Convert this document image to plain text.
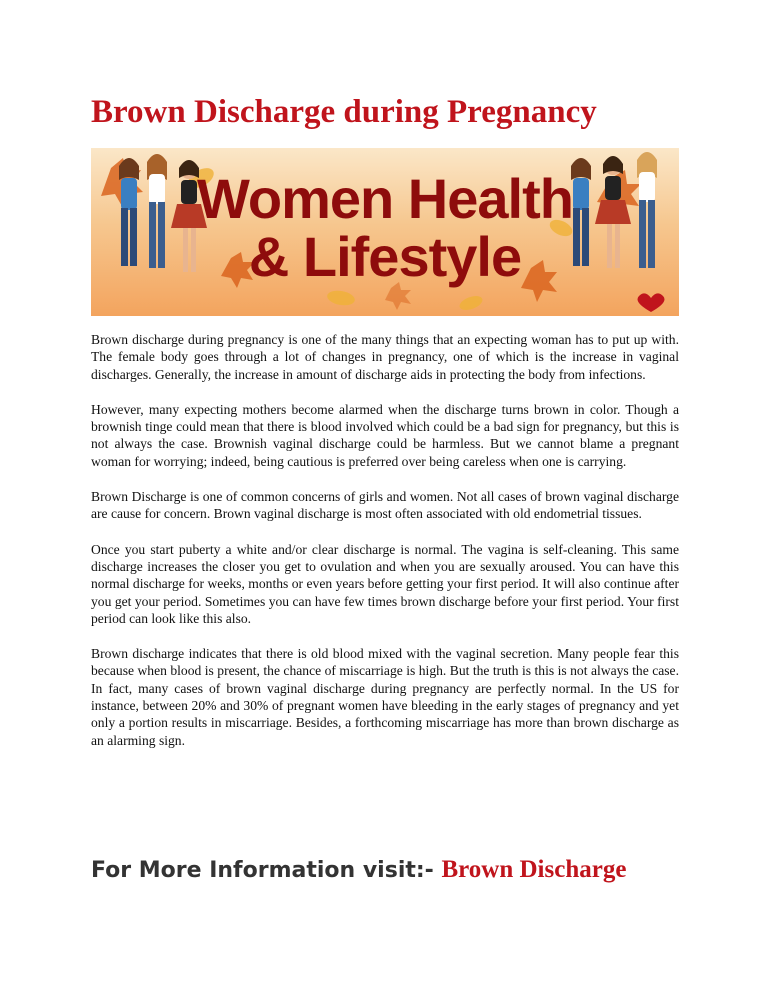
Brown Discharge during Pregnancy
Women Health
& Lifestyle

Brown discharge during pregnancy is one of the many things that an expecting woman has to put up with. The female body goes through a lot of changes in pregnancy, one of which is the increase in vaginal discharges. Generally, the increase in amount of discharge aids in protecting the body from infections.

However, many expecting mothers become alarmed when the discharge turns brown in color. Though a brownish tinge could mean that there is blood involved which could be a bad sign for pregnancy, but this is not always the case. Brownish vaginal discharge could be harmless. But we cannot blame a pregnant woman for worrying; indeed, being cautious is preferred over being careless when one is carrying.

Brown Discharge is one of common concerns of girls and women. Not all cases of brown vaginal discharge are cause for concern. Brown vaginal discharge is most often associated with old endometrial tissues.

Once you start puberty a white and/or clear discharge is normal. The vagina is self-cleaning. This same discharge increases the closer you get to ovulation and when you are sexually aroused. You can have this normal discharge for weeks, months or even years before getting your first period. It will also continue after you get your period. Sometimes you can have few times brown discharge before your first period. Your first period can look like this also.

Brown discharge indicates that there is old blood mixed with the vaginal secretion. Many people fear this because when blood is present, the chance of miscarriage is high. But the truth is this is not always the case. In fact, many cases of brown vaginal discharge during pregnancy are perfectly normal. In the US for instance, between 20% and 30% of pregnant women have bleeding in the early stages of pregnancy and yet only a portion results in miscarriage. Besides, a forthcoming miscarriage has more than brown discharge as an alarming sign.

For More Information visit:- Brown Discharge
